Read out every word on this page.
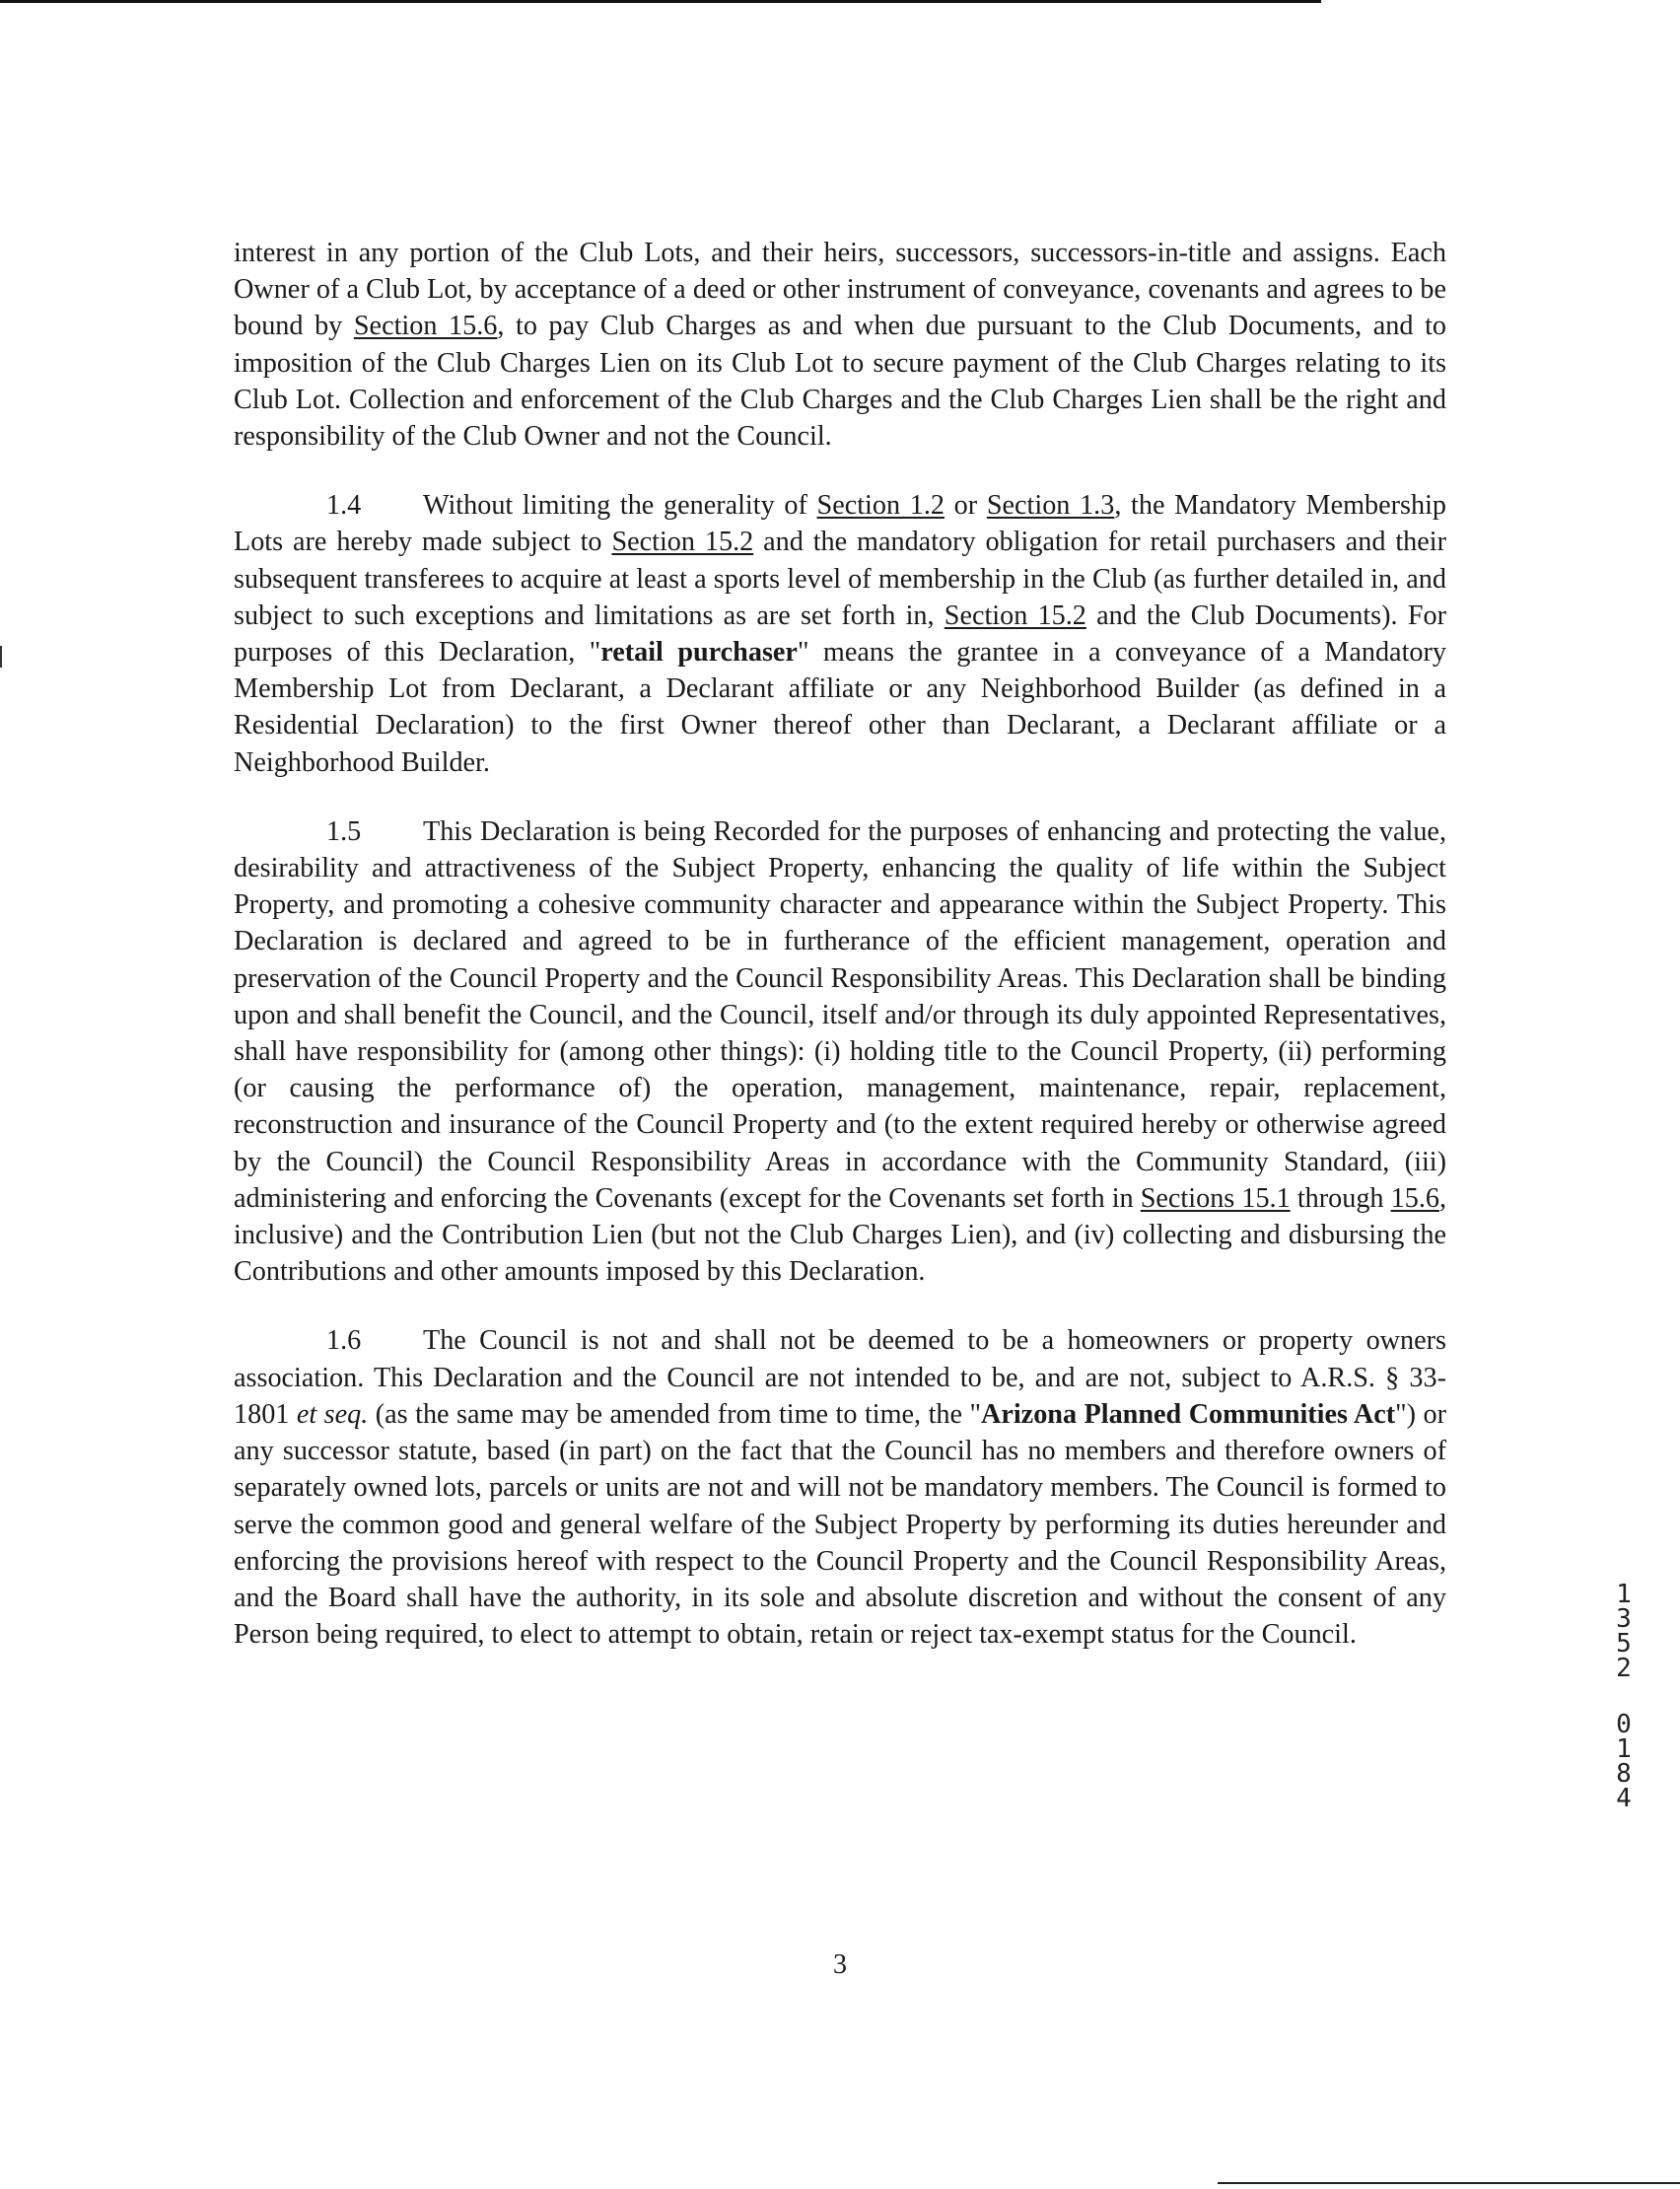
interest in any portion of the Club Lots, and their heirs, successors, successors-in-title and assigns. Each Owner of a Club Lot, by acceptance of a deed or other instrument of conveyance, covenants and agrees to be bound by Section 15.6, to pay Club Charges as and when due pursuant to the Club Documents, and to imposition of the Club Charges Lien on its Club Lot to secure payment of the Club Charges relating to its Club Lot. Collection and enforcement of the Club Charges and the Club Charges Lien shall be the right and responsibility of the Club Owner and not the Council.

1.4 Without limiting the generality of Section 1.2 or Section 1.3, the Mandatory Membership Lots are hereby made subject to Section 15.2 and the mandatory obligation for retail purchasers and their subsequent transferees to acquire at least a sports level of membership in the Club (as further detailed in, and subject to such exceptions and limitations as are set forth in, Section 15.2 and the Club Documents). For purposes of this Declaration, "retail purchaser" means the grantee in a conveyance of a Mandatory Membership Lot from Declarant, a Declarant affiliate or any Neighborhood Builder (as defined in a Residential Declaration) to the first Owner thereof other than Declarant, a Declarant affiliate or a Neighborhood Builder.

1.5 This Declaration is being Recorded for the purposes of enhancing and protecting the value, desirability and attractiveness of the Subject Property, enhancing the quality of life within the Subject Property, and promoting a cohesive community character and appearance within the Subject Property. This Declaration is declared and agreed to be in furtherance of the efficient management, operation and preservation of the Council Property and the Council Responsibility Areas. This Declaration shall be binding upon and shall benefit the Council, and the Council, itself and/or through its duly appointed Representatives, shall have responsibility for (among other things): (i) holding title to the Council Property, (ii) performing (or causing the performance of) the operation, management, maintenance, repair, replacement, reconstruction and insurance of the Council Property and (to the extent required hereby or otherwise agreed by the Council) the Council Responsibility Areas in accordance with the Community Standard, (iii) administering and enforcing the Covenants (except for the Covenants set forth in Sections 15.1 through 15.6, inclusive) and the Contribution Lien (but not the Club Charges Lien), and (iv) collecting and disbursing the Contributions and other amounts imposed by this Declaration.

1.6 The Council is not and shall not be deemed to be a homeowners or property owners association. This Declaration and the Council are not intended to be, and are not, subject to A.R.S. § 33-1801 et seq. (as the same may be amended from time to time, the "Arizona Planned Communities Act") or any successor statute, based (in part) on the fact that the Council has no members and therefore owners of separately owned lots, parcels or units are not and will not be mandatory members. The Council is formed to serve the common good and general welfare of the Subject Property by performing its duties hereunder and enforcing the provisions hereof with respect to the Council Property and the Council Responsibility Areas, and the Board shall have the authority, in its sole and absolute discretion and without the consent of any Person being required, to elect to attempt to obtain, retain or reject tax-exempt status for the Council.

1
3
5
2
0
1
8
4
3
